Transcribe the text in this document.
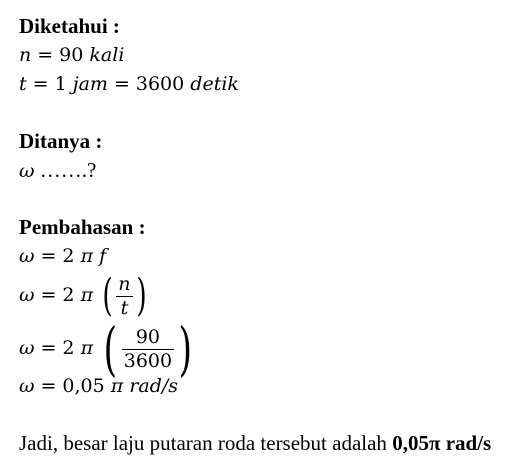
Diketahui :
n = 90 kali
t = 1 jam = 3600 detik
Ditanya :
ω …….?
Pembahasan :
ω = 2 π f
ω = 2 π ( $\frac{n}{t}$ )
ω = 2 π ( $\frac{90}{3600}$ )
ω = 0,05 π rad/s
Jadi, besar laju putaran roda tersebut adalah 0,05π rad/s
